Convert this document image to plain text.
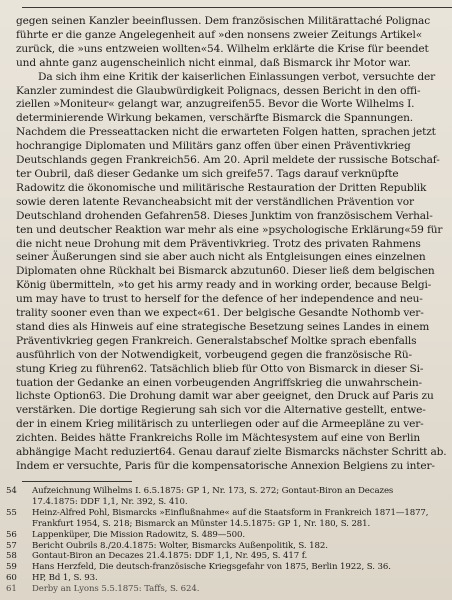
gegen seinen Kanzler beeinflussen. Dem französischen Militärattaché Polignac

führte er die ganze Angelegenheit auf »den nonsens zweier Zeitungs Artikel«

zurück, die »uns entzweien wollten«54. Wilhelm erklärte die Krise für beendet

und ahnte ganz augenscheinlich nicht einmal, daß Bismarck ihr Motor war.

Da sich ihm eine Kritik der kaiserlichen Einlassungen verbot, versuchte der

Kanzler zumindest die Glaubwürdigkeit Polignacs, dessen Bericht in den offi-

ziellen »Moniteur« gelangt war, anzugreifen55. Bevor die Worte Wilhelms I.

determinierende Wirkung bekamen, verschärfte Bismarck die Spannungen.

Nachdem die Presseattacken nicht die erwarteten Folgen hatten, sprachen jetzt

hochrangige Diplomaten und Militärs ganz offen über einen Präventivkrieg

Deutschlands gegen Frankreich56. Am 20. April meldete der russische Botschaf-

ter Oubril, daß dieser Gedanke um sich greife57. Tags darauf verknüpfte

Radowitz die ökonomische und militärische Restauration der Dritten Republik

sowie deren latente Revancheabsicht mit der verständlichen Prävention vor

Deutschland drohenden Gefahren58. Dieses Junktim von französischem Verhal-

ten und deutscher Reaktion war mehr als eine »psychologische Erklärung«59 für

die nicht neue Drohung mit dem Präventivkrieg. Trotz des privaten Rahmens

seiner Äußerungen sind sie aber auch nicht als Entgleisungen eines einzelnen

Diplomaten ohne Rückhalt bei Bismarck abzutun60. Dieser ließ dem belgischen

König übermitteln, »to get his army ready and in working order, because Belgi-

um may have to trust to herself for the defence of her independence and neu-

trality sooner even than we expect«61. Der belgische Gesandte Nothomb ver-

stand dies als Hinweis auf eine strategische Besetzung seines Landes in einem

Präventivkrieg gegen Frankreich. Generalstabschef Moltke sprach ebenfalls

ausführlich von der Notwendigkeit, vorbeugend gegen die französische Rü-

stung Krieg zu führen62. Tatsächlich blieb für Otto von Bismarck in dieser Si-

tuation der Gedanke an einen vorbeugenden Angriffskrieg die unwahrschein-

lichste Option63. Die Drohung damit war aber geeignet, den Druck auf Paris zu

verstärken. Die dortige Regierung sah sich vor die Alternative gestellt, entwe-

der in einem Krieg militärisch zu unterliegen oder auf die Armeepläne zu ver-

zichten. Beides hätte Frankreichs Rolle im Mächtesystem auf eine von Berlin

abhängige Macht reduziert64. Genau darauf zielte Bismarcks nächster Schritt ab.

Indem er versuchte, Paris für die kompensatorische Annexion Belgiens zu inter-

54	Aufzeichnung Wilhelms I. 6.5.1875: GP 1, Nr. 173, S. 272; Gontaut-Biron an Decazes
17.4.1875: DDF 1,1, Nr. 392, S. 410.
55	Heinz-Alfred Pohl, Bismarcks »Einflußnahme« auf die Staatsform in Frankreich 1871—1877,
Frankfurt 1954, S. 218; Bismarck an Münster 14.5.1875: GP 1, Nr. 180, S. 281.
56	Lappenküper, Die Mission Radowitz, S. 489—500.
57	Bericht Oubrils 8./20.4.1875: Wolter, Bismarcks Außenpolitik, S. 182.
58	Gontaut-Biron an Decazes 21.4.1875: DDF 1,1, Nr. 495, S. 417 f.
59	Hans Herzfeld, Die deutsch-französische Kriegsgefahr von 1875, Berlin 1922, S. 36.
60	HP, Bd 1, S. 93.
61	Derby an Lyons 5.5.1875: Taffs, S. 624.
